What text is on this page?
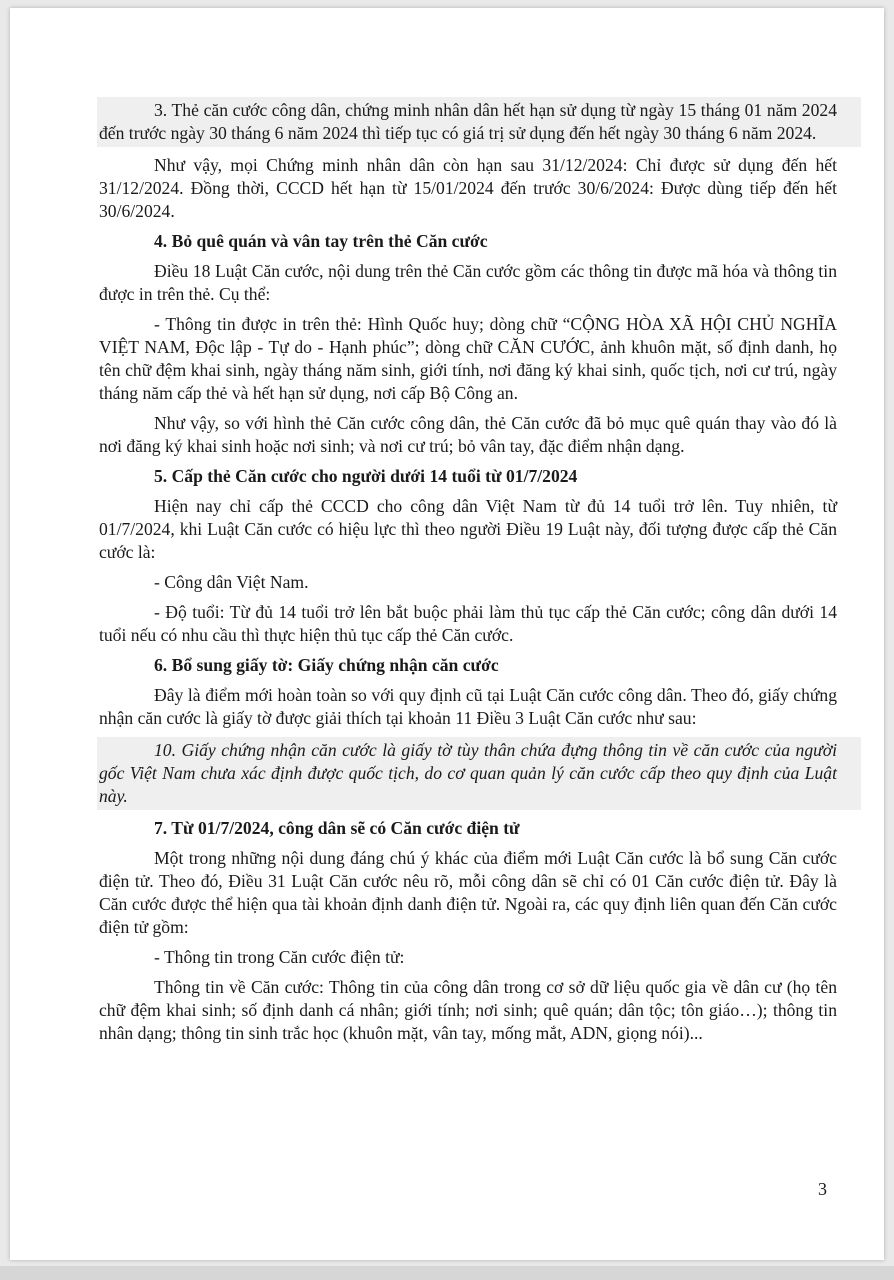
3. Thẻ căn cước công dân, chứng minh nhân dân hết hạn sử dụng từ ngày 15 tháng 01 năm 2024 đến trước ngày 30 tháng 6 năm 2024 thì tiếp tục có giá trị sử dụng đến hết ngày 30 tháng 6 năm 2024.

Như vậy, mọi Chứng minh nhân dân còn hạn sau 31/12/2024: Chỉ được sử dụng đến hết 31/12/2024. Đồng thời, CCCD hết hạn từ 15/01/2024 đến trước 30/6/2024: Được dùng tiếp đến hết 30/6/2024.

4. Bỏ quê quán và vân tay trên thẻ Căn cước

Điều 18 Luật Căn cước, nội dung trên thẻ Căn cước gồm các thông tin được mã hóa và thông tin được in trên thẻ. Cụ thể:

- Thông tin được in trên thẻ: Hình Quốc huy; dòng chữ “CỘNG HÒA XÃ HỘI CHỦ NGHĨA VIỆT NAM, Độc lập - Tự do - Hạnh phúc”; dòng chữ CĂN CƯỚC, ảnh khuôn mặt, số định danh, họ tên chữ đệm khai sinh, ngày tháng năm sinh, giới tính, nơi đăng ký khai sinh, quốc tịch, nơi cư trú, ngày tháng năm cấp thẻ và hết hạn sử dụng, nơi cấp Bộ Công an.

Như vậy, so với hình thẻ Căn cước công dân, thẻ Căn cước đã bỏ mục quê quán thay vào đó là nơi đăng ký khai sinh hoặc nơi sinh; và nơi cư trú; bỏ vân tay, đặc điểm nhận dạng.

5. Cấp thẻ Căn cước cho người dưới 14 tuổi từ 01/7/2024

Hiện nay chỉ cấp thẻ CCCD cho công dân Việt Nam từ đủ 14 tuổi trở lên. Tuy nhiên, từ 01/7/2024, khi Luật Căn cước có hiệu lực thì theo người Điều 19 Luật này, đối tượng được cấp thẻ Căn cước là:

- Công dân Việt Nam.

- Độ tuổi: Từ đủ 14 tuổi trở lên bắt buộc phải làm thủ tục cấp thẻ Căn cước; công dân dưới 14 tuổi nếu có nhu cầu thì thực hiện thủ tục cấp thẻ Căn cước.

6. Bổ sung giấy tờ: Giấy chứng nhận căn cước

Đây là điểm mới hoàn toàn so với quy định cũ tại Luật Căn cước công dân. Theo đó, giấy chứng nhận căn cước là giấy tờ được giải thích tại khoản 11 Điều 3 Luật Căn cước như sau:

10. Giấy chứng nhận căn cước là giấy tờ tùy thân chứa đựng thông tin về căn cước của người gốc Việt Nam chưa xác định được quốc tịch, do cơ quan quản lý căn cước cấp theo quy định của Luật này.

7. Từ 01/7/2024, công dân sẽ có Căn cước điện tử

Một trong những nội dung đáng chú ý khác của điểm mới Luật Căn cước là bổ sung Căn cước điện tử. Theo đó, Điều 31 Luật Căn cước nêu rõ, mỗi công dân sẽ chỉ có 01 Căn cước điện tử. Đây là Căn cước được thể hiện qua tài khoản định danh điện tử. Ngoài ra, các quy định liên quan đến Căn cước điện tử gồm:

- Thông tin trong Căn cước điện tử:

Thông tin về Căn cước: Thông tin của công dân trong cơ sở dữ liệu quốc gia về dân cư (họ tên chữ đệm khai sinh; số định danh cá nhân; giới tính; nơi sinh; quê quán; dân tộc; tôn giáo…); thông tin nhân dạng; thông tin sinh trắc học (khuôn mặt, vân tay, mống mắt, ADN, giọng nói)...

3
